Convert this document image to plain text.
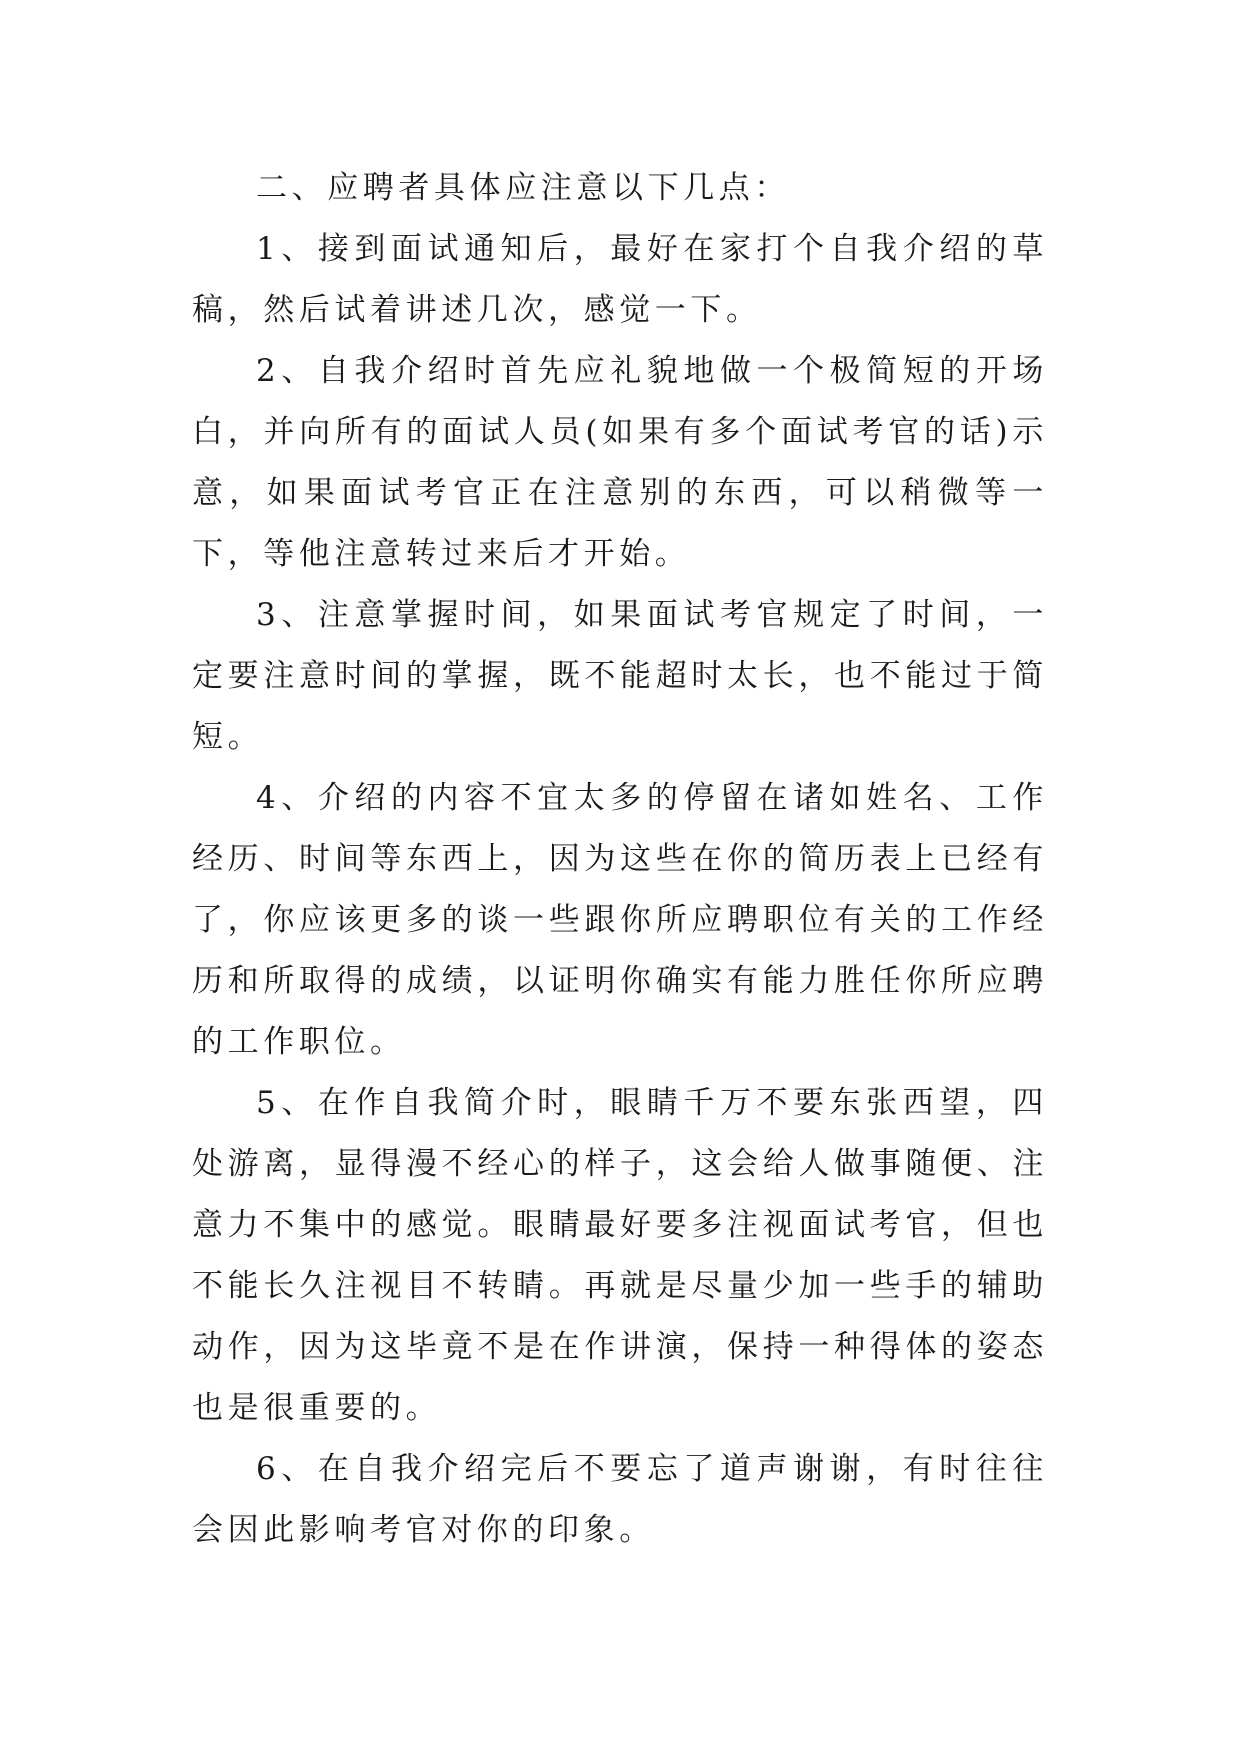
二、应聘者具体应注意以下几点：

1、接到面试通知后，最好在家打个自我介绍的草稿，然后试着讲述几次，感觉一下。

2、自我介绍时首先应礼貌地做一个极简短的开场白，并向所有的面试人员(如果有多个面试考官的话)示意，如果面试考官正在注意别的东西，可以稍微等一下，等他注意转过来后才开始。

3、注意掌握时间，如果面试考官规定了时间，一定要注意时间的掌握，既不能超时太长，也不能过于简短。

4、介绍的内容不宜太多的停留在诸如姓名、工作经历、时间等东西上，因为这些在你的简历表上已经有了，你应该更多的谈一些跟你所应聘职位有关的工作经历和所取得的成绩，以证明你确实有能力胜任你所应聘的工作职位。

5、在作自我简介时，眼睛千万不要东张西望，四处游离，显得漫不经心的样子，这会给人做事随便、注意力不集中的感觉。眼睛最好要多注视面试考官，但也不能长久注视目不转睛。再就是尽量少加一些手的辅助动作，因为这毕竟不是在作讲演，保持一种得体的姿态也是很重要的。

6、在自我介绍完后不要忘了道声谢谢，有时往往会因此影响考官对你的印象。
